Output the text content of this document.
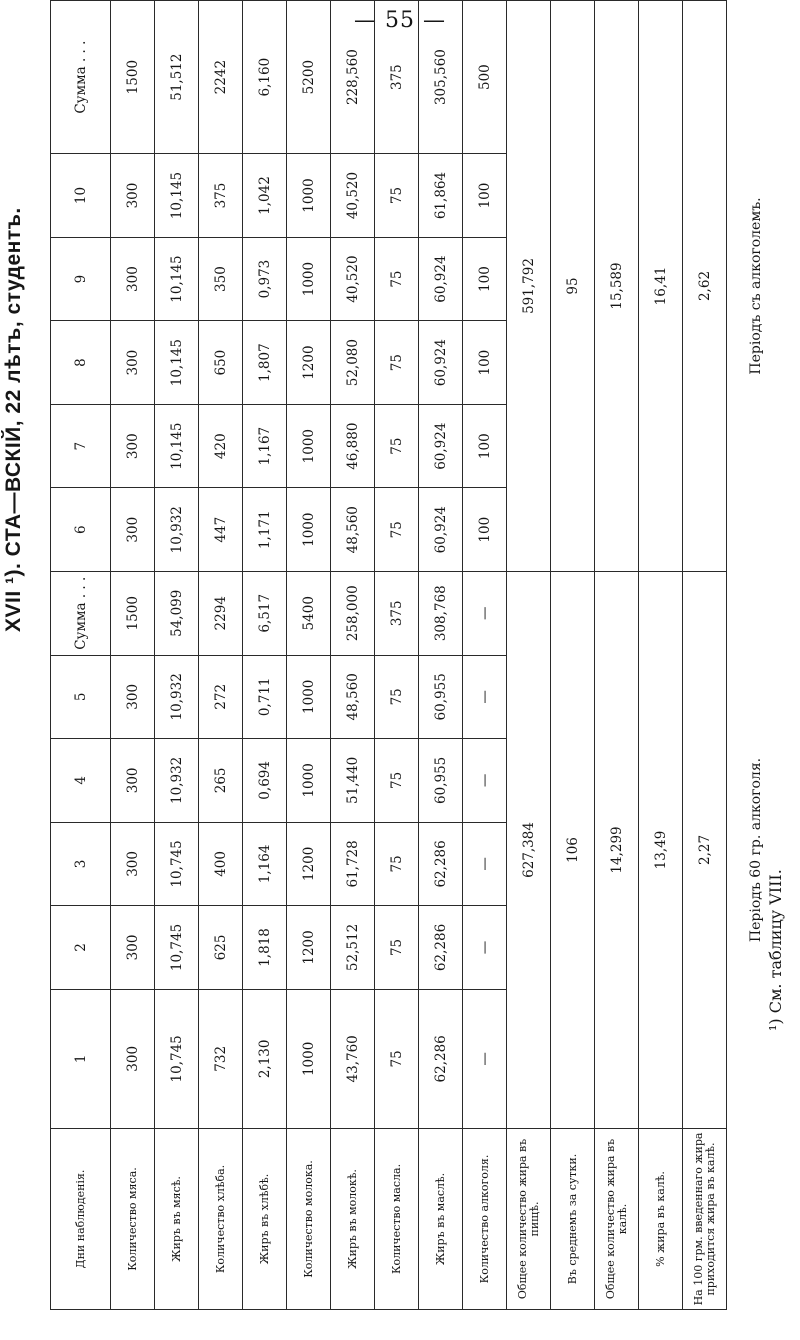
— 55 —
XVII ¹). СТА—ВСКІЙ, 22 лѣтъ, студентъ.
¹) См. таблицу VIII.
Дни наблюденія.	1	2	3	4	5	Сумма . . .	6	7	8	9	10	Сумма . . .
Количество мясa.	300	300	300	300	300	1500	300	300	300	300	300	1500
Жиръ въ мясѣ.	10,745	10,745	10,745	10,932	10,932	54,099	10,932	10,145	10,145	10,145	10,145	51,512
Количество хлѣба.	732	625	400	265	272	2294	447	420	650	350	375	2242
Жиръ въ хлѣбѣ.	2,130	1,818	1,164	0,694	0,711	6,517	1,171	1,167	1,807	0,973	1,042	6,160
Количество молока.	1000	1200	1200	1000	1000	5400	1000	1000	1200	1000	1000	5200
Жиръ въ молокѣ.	43,760	52,512	61,728	51,440	48,560	258,000	48,560	46,880	52,080	40,520	40,520	228,560
Количество масла.	75	75	75	75	75	375	75	75	75	75	75	375
Жиръ въ маслѣ.	62,286	62,286	62,286	60,955	60,955	308,768	60,924	60,924	60,924	60,924	61,864	305,560
Количество алкоголя.	—	—	—	—	—	—	100	100	100	100	100	500
Общее количество жира въ пищѣ.	627,384						591,792					
Въ среднемъ за сутки.	106						95					
Общее количество жира въ калѣ.	14,299						15,589					
% жира въ калѣ.	13,49						16,41					
На 100 грм. введеннаго жира приходится жира въ калѣ.	2,27						2,62					
	Періодъ 60 гр. алкоголя.						Періодъ съ алкоголемъ.					
